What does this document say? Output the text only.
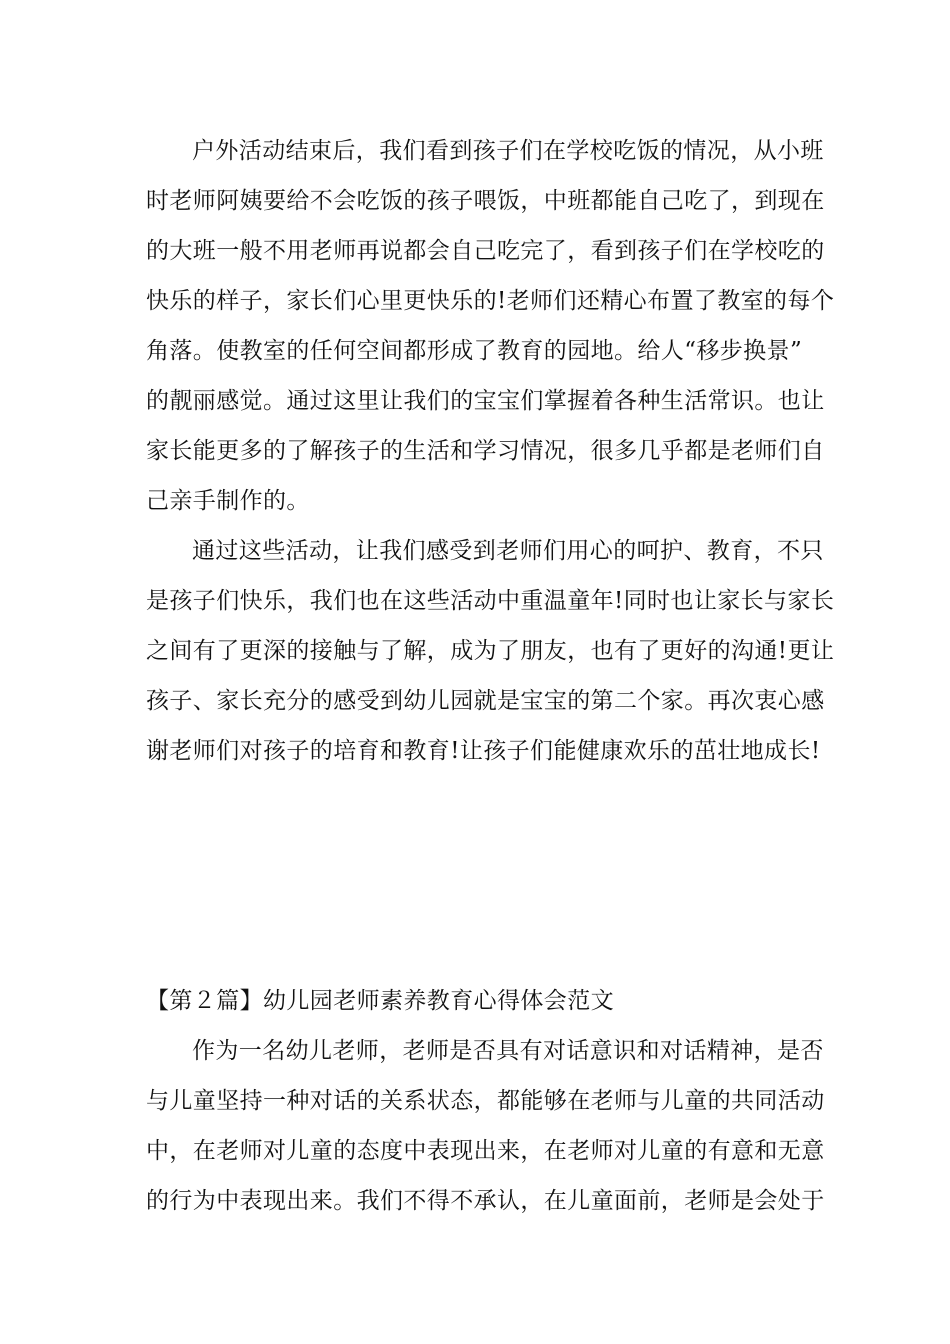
户外活动结束后，我们看到孩子们在学校吃饭的情况，从小班
时老师阿姨要给不会吃饭的孩子喂饭，中班都能自己吃了，到现在
的大班一般不用老师再说都会自己吃完了，看到孩子们在学校吃的
快乐的样子，家长们心里更快乐的!老师们还精心布置了教室的每个
角落。使教室的任何空间都形成了教育的园地。给人“移步换景”
的靓丽感觉。通过这里让我们的宝宝们掌握着各种生活常识。也让
家长能更多的了解孩子的生活和学习情况，很多几乎都是老师们自
己亲手制作的。
通过这些活动，让我们感受到老师们用心的呵护、教育，不只
是孩子们快乐，我们也在这些活动中重温童年!同时也让家长与家长
之间有了更深的接触与了解，成为了朋友，也有了更好的沟通!更让
孩子、家长充分的感受到幼儿园就是宝宝的第二个家。再次衷心感
谢老师们对孩子的培育和教育!让孩子们能健康欢乐的茁壮地成长!
【第２篇】幼儿园老师素养教育心得体会范文
作为一名幼儿老师，老师是否具有对话意识和对话精神，是否
与儿童坚持一种对话的关系状态，都能够在老师与儿童的共同活动
中，在老师对儿童的态度中表现出来，在老师对儿童的有意和无意
的行为中表现出来。我们不得不承认，在儿童面前，老师是会处于
